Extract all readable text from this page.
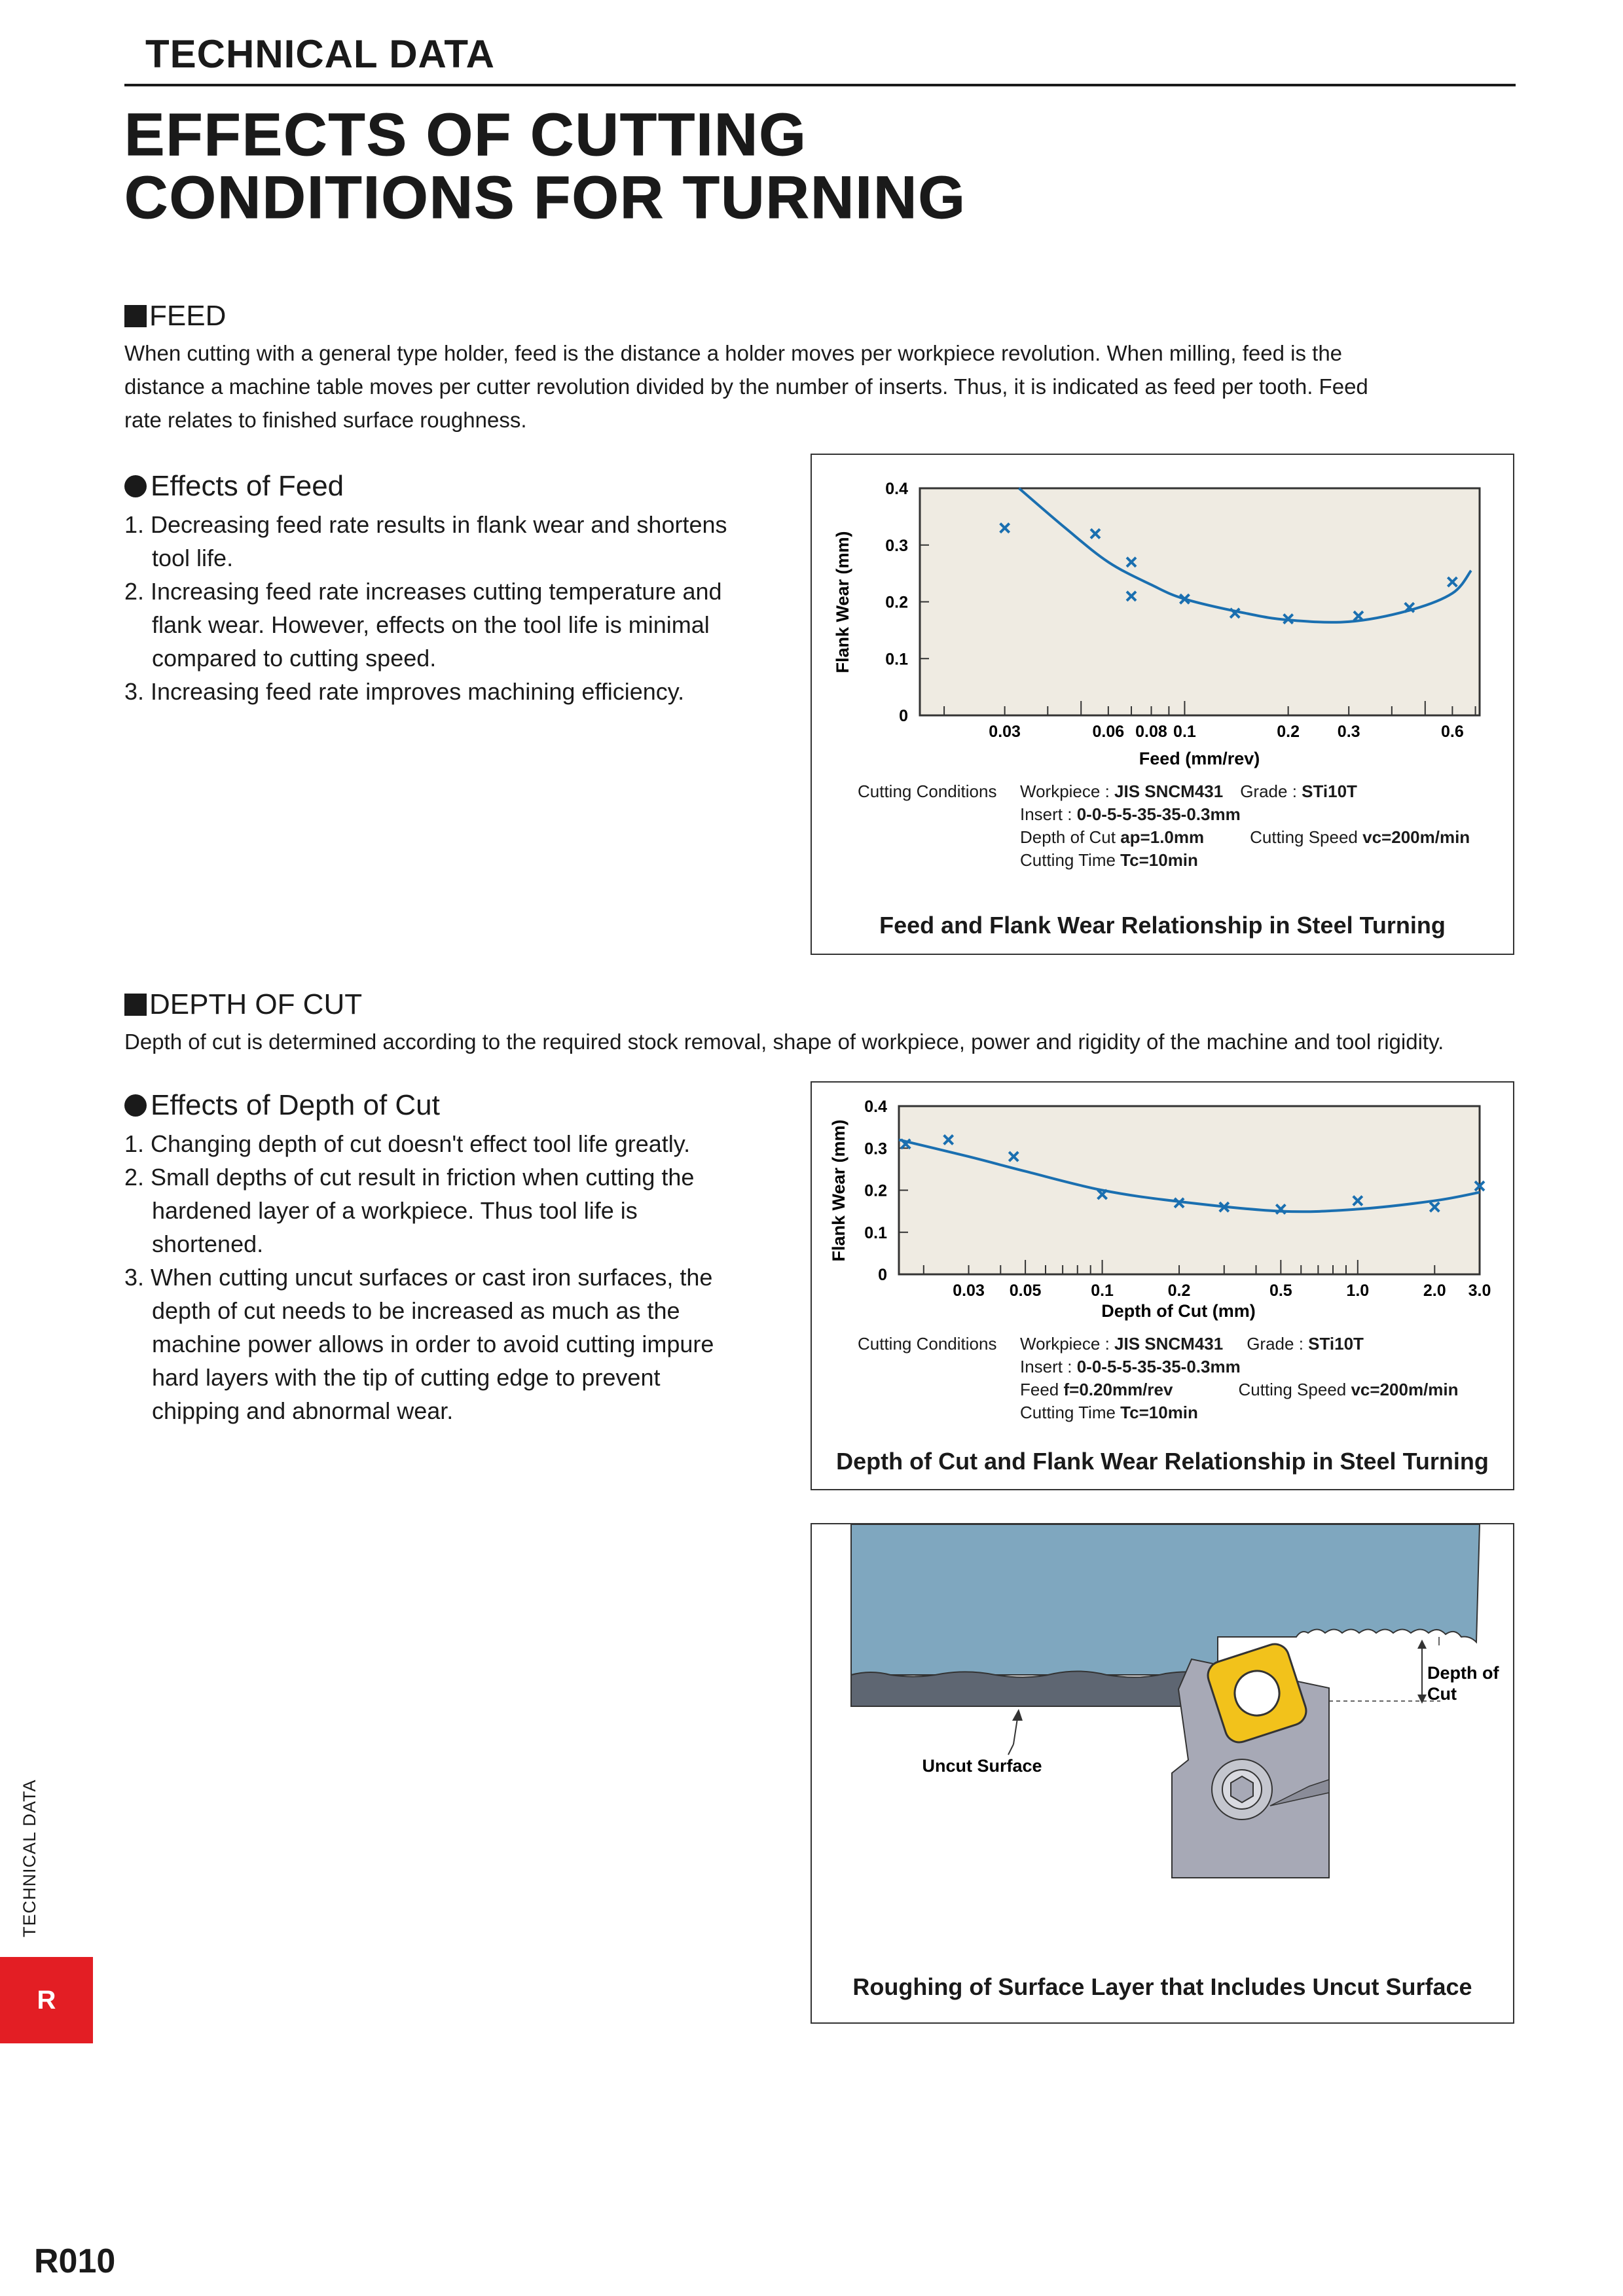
TECHNICAL DATA
EFFECTS OF CUTTING
CONDITIONS FOR TURNING
FEED
When cutting with a general type holder, feed is the distance a holder moves per workpiece revolution. When milling, feed is the
distance a machine table moves per cutter revolution divided by the number of inserts. Thus, it is indicated as feed per tooth. Feed
rate relates to finished surface roughness.
Effects of Feed
1. Decreasing feed rate results in flank wear and shortens
tool life.
2. Increasing feed rate increases cutting temperature and
flank wear. However, effects on the tool life is minimal
compared to cutting speed.
3. Increasing feed rate improves machining efficiency.
0
0.1
0.2
0.3
0.4
0.03	0.06 0.08 0.1	0.2 0.3	0.6
Feed (mm/rev)
Flank Wear (mm)
Cutting Conditions Workpiece : JIS SNCM431 Grade : STi10T
Insert : 0-0-5-5-35-35-0.3mm
Depth of Cut ap=1.0mm	Cutting Speed vc=200m/min
Cutting Time Tc=10min
Feed and Flank Wear Relationship in Steel Turning
DEPTH OF CUT
Depth of cut is determined according to the required stock removal, shape of workpiece, power and rigidity of the machine and tool rigidity.
Effects of Depth of Cut
1. Changing depth of cut doesn't effect tool life greatly.
2. Small depths of cut result in friction when cutting the
hardened layer of a workpiece. Thus tool life is
shortened.
3. When cutting uncut surfaces or cast iron surfaces, the
depth of cut needs to be increased as much as the
machine power allows in order to avoid cutting impure
hard layers with the tip of cutting edge to prevent
chipping and abnormal wear.
0
0.1
0.2
0.3
0.4
0.03 0.05	0.1	0.2	0.5	1.0	2.0 3.0
Depth of Cut (mm)
Flank Wear (mm)
Cutting Conditions Workpiece : JIS SNCM431 Grade : STi10T
Insert : 0-0-5-5-35-35-0.3mm
Feed f=0.20mm/rev	Cutting Speed vc=200m/min
Cutting Time Tc=10min
Depth of Cut and Flank Wear Relationship in Steel Turning
Depth of
Cut
Uncut Surface
Roughing of Surface Layer that Includes Uncut Surface
TECHNICAL DATA
R
R010
